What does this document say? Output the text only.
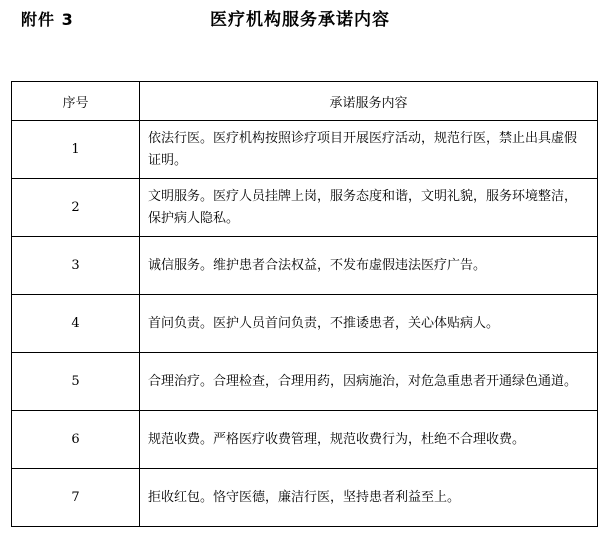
附件 3	医疗机构服务承诺内容
序号	承诺服务内容
1	依法行医。医疗机构按照诊疗项目开展医疗活动，规范行医，禁止出具虚假证明。
2	文明服务。医疗人员挂牌上岗，服务态度和谐，文明礼貌，服务环境整洁，保护病人隐私。
3	诚信服务。维护患者合法权益，不发布虚假违法医疗广告。
4	首问负责。医护人员首问负责，不推诿患者，关心体贴病人。
5	合理治疗。合理检查，合理用药，因病施治，对危急重患者开通绿色通道。
6	规范收费。严格医疗收费管理，规范收费行为，杜绝不合理收费。
7	拒收红包。恪守医德，廉洁行医，坚持患者利益至上。
